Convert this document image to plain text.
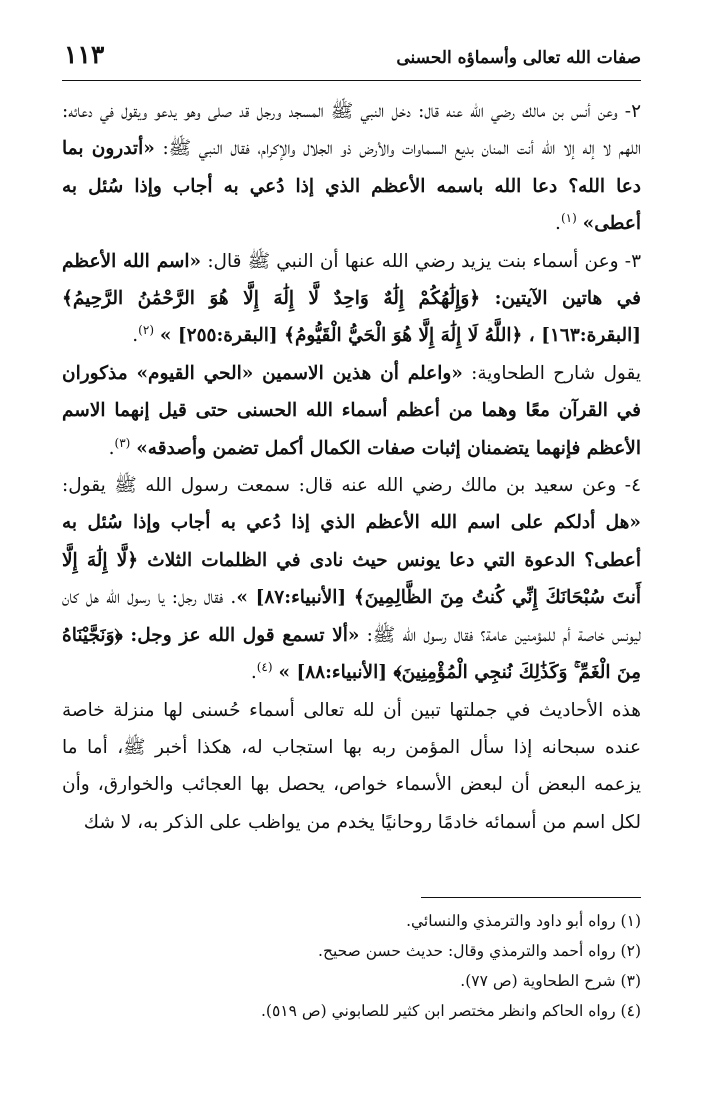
صفات الله تعالى وأسماؤه الحسنى
١١٣

٢- وعن أنس بن مالك رضي الله عنه قال: دخل النبي ﷺ المسجد ورجل قد صلى وهو يدعو ويقول في دعائه: اللهم لا إله إلا الله أنت المنان بديع السماوات والأرض ذو الجلال والإكرام، فقال النبي ﷺ: «أتدرون بما دعا الله؟ دعا الله باسمه الأعظم الذي إذا دُعي به أجاب وإذا سُئل به أعطى» $^{(١)}$.

٣- وعن أسماء بنت يزيد رضي الله عنها أن النبي ﷺ قال: «اسم الله الأعظم في هاتين الآيتين: ﴿وَإِلَٰهُكُمْ إِلَٰهٌ وَاحِدٌ لَّا إِلَٰهَ إِلَّا هُوَ الرَّحْمَٰنُ الرَّحِيمُ﴾ [البقرة:١٦٣] ، ﴿اللَّهُ لَا إِلَٰهَ إِلَّا هُوَ الْحَيُّ الْقَيُّومُ﴾ [البقرة:٢٥٥] » $^{(٢)}$.

يقول شارح الطحاوية: «واعلم أن هذين الاسمين «الحي القيوم» مذكوران في القرآن معًا وهما من أعظم أسماء الله الحسنى حتى قيل إنهما الاسم الأعظم فإنهما يتضمنان إثبات صفات الكمال أكمل تضمن وأصدقه» $^{(٣)}$.

٤- وعن سعيد بن مالك رضي الله عنه قال: سمعت رسول الله ﷺ يقول: «هل أدلكم على اسم الله الأعظم الذي إذا دُعي به أجاب وإذا سُئل به أعطى؟ الدعوة التي دعا يونس حيث نادى في الظلمات الثلاث ﴿لَّا إِلَٰهَ إِلَّا أَنتَ سُبْحَانَكَ إِنِّي كُنتُ مِنَ الظَّالِمِينَ﴾ [الأنبياء:٨٧] ». فقال رجل: يا رسول الله هل كان ليونس خاصة أم للمؤمنين عامة؟ فقال رسول الله ﷺ: «ألا تسمع قول الله عز وجل: ﴿وَنَجَّيْنَاهُ مِنَ الْغَمِّ ۚ وَكَذَٰلِكَ نُنجِي الْمُؤْمِنِينَ﴾ [الأنبياء:٨٨] » $^{(٤)}$.

هذه الأحاديث في جملتها تبين أن لله تعالى أسماء حُسنى لها منزلة خاصة عنده سبحانه إذا سأل المؤمن ربه بها استجاب له، هكذا أخبر ﷺ، أما ما يزعمه البعض أن لبعض الأسماء خواص، يحصل بها العجائب والخوارق، وأن لكل اسم من أسمائه خادمًا روحانيًا يخدم من يواظب على الذكر به، لا شك

(١) رواه أبو داود والترمذي والنسائي.

(٢) رواه أحمد والترمذي وقال: حديث حسن صحيح.

(٣) شرح الطحاوية (ص ٧٧).

(٤) رواه الحاكم وانظر مختصر ابن كثير للصابوني (ص ٥١٩).
